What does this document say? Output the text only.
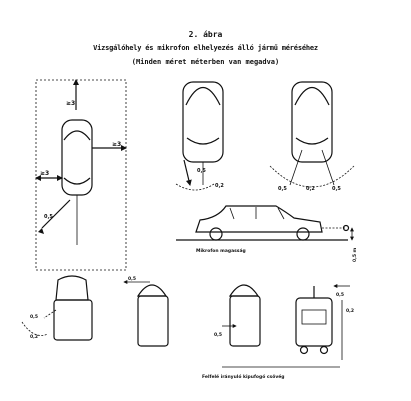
2. ábra
Vizsgálóhely és mikrofon elhelyezés álló jármű méréséhez
(Minden méret méterben van megadva)
≥3
≥3
≥3
0,5
0,5
0,2	0,5	0,2	0,5
Mikrofon magasság	0,5 m
0,5
0,2
0,5
0,5
0,5
0,2
Felfelé irányuló kipufogó csővég
